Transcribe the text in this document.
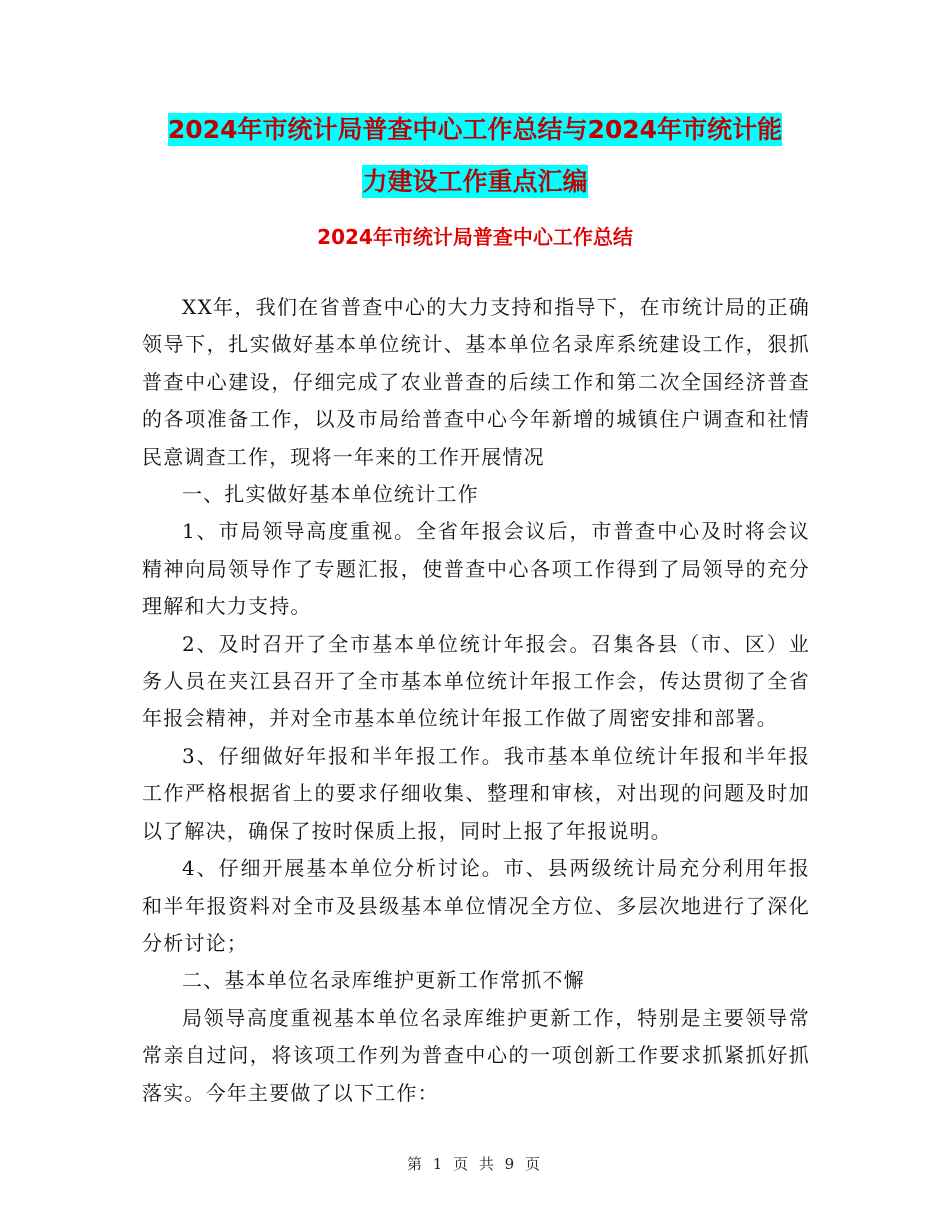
2024年市统计局普查中心工作总结与2024年市统计能
力建设工作重点汇编
2024年市统计局普查中心工作总结

XX年，我们在省普查中心的大力支持和指导下，在市统计局的正确领导下，扎实做好基本单位统计、基本单位名录库系统建设工作，狠抓普查中心建设，仔细完成了农业普查的后续工作和第二次全国经济普查的各项准备工作，以及市局给普查中心今年新增的城镇住户调查和社情民意调查工作，现将一年来的工作开展情况

一、扎实做好基本单位统计工作

1、市局领导高度重视。全省年报会议后，市普查中心及时将会议精神向局领导作了专题汇报，使普查中心各项工作得到了局领导的充分理解和大力支持。

2、及时召开了全市基本单位统计年报会。召集各县（市、区）业务人员在夹江县召开了全市基本单位统计年报工作会，传达贯彻了全省年报会精神，并对全市基本单位统计年报工作做了周密安排和部署。

3、仔细做好年报和半年报工作。我市基本单位统计年报和半年报工作严格根据省上的要求仔细收集、整理和审核，对出现的问题及时加以了解决，确保了按时保质上报，同时上报了年报说明。

4、仔细开展基本单位分析讨论。市、县两级统计局充分利用年报和半年报资料对全市及县级基本单位情况全方位、多层次地进行了深化分析讨论；

二、基本单位名录库维护更新工作常抓不懈

局领导高度重视基本单位名录库维护更新工作，特别是主要领导常常亲自过问，将该项工作列为普查中心的一项创新工作要求抓紧抓好抓落实。今年主要做了以下工作：

第 1 页 共 9 页
